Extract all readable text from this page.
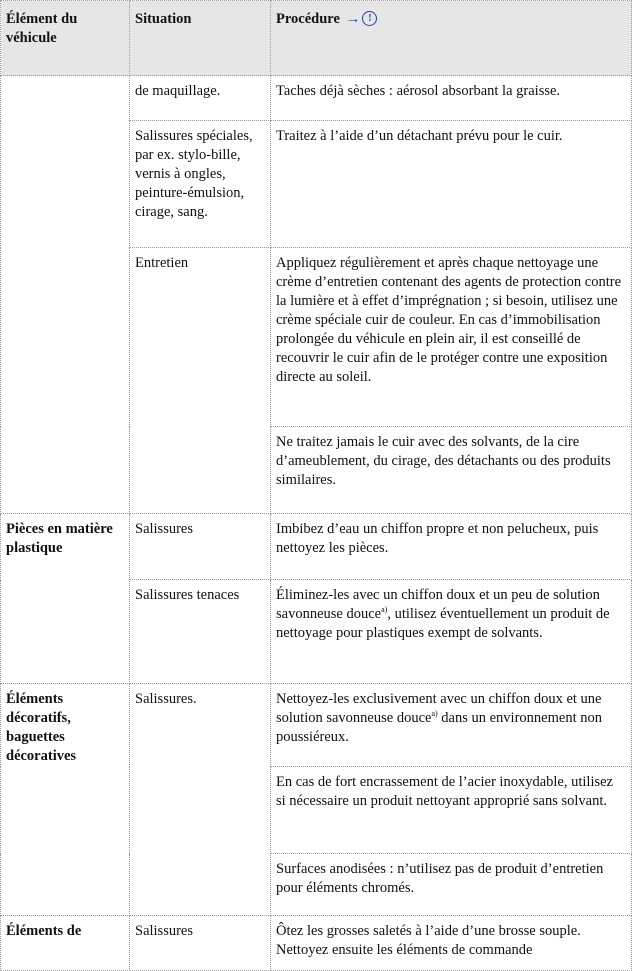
Élément du véhicule	Situation	Procédure → !
	de maquillage.	Taches déjà sèches : aérosol absorbant la graisse.
	Salissures spéciales, par ex. stylo-bille, vernis à ongles, peinture-émulsion, cirage, sang.	Traitez à l’aide d’un détachant prévu pour le cuir.
	Entretien	Appliquez régulièrement et après chaque nettoyage une crème d’entretien contenant des agents de protection contre la lumière et à effet d’imprégnation ; si besoin, utilisez une crème spéciale cuir de couleur. En cas d’immobilisation prolongée du véhicule en plein air, il est conseillé de recouvrir le cuir afin de le protéger contre une exposition directe au soleil.
		Ne traitez jamais le cuir avec des solvants, de la cire d’ameublement, du cirage, des détachants ou des produits similaires.
Pièces en matière plastique	Salissures	Imbibez d’eau un chiffon propre et non pelucheux, puis nettoyez les pièces.
	Salissures tenaces	Éliminez-les avec un chiffon doux et un peu de solution savonneuse douce$^{a)}$, utilisez éventuellement un produit de nettoyage pour plastiques exempt de solvants.
Éléments décoratifs, baguettes décoratives	Salissures.	Nettoyez-les exclusivement avec un chiffon doux et une solution savonneuse douce$^{a)}$ dans un environnement non poussiéreux.
		En cas de fort encrassement de l’acier inoxydable, utilisez si nécessaire un produit nettoyant approprié sans solvant.
		Surfaces anodisées : n’utilisez pas de produit d’entretien pour éléments chromés.
Éléments de	Salissures	Ôtez les grosses saletés à l’aide d’une brosse souple. Nettoyez ensuite les éléments de commande
